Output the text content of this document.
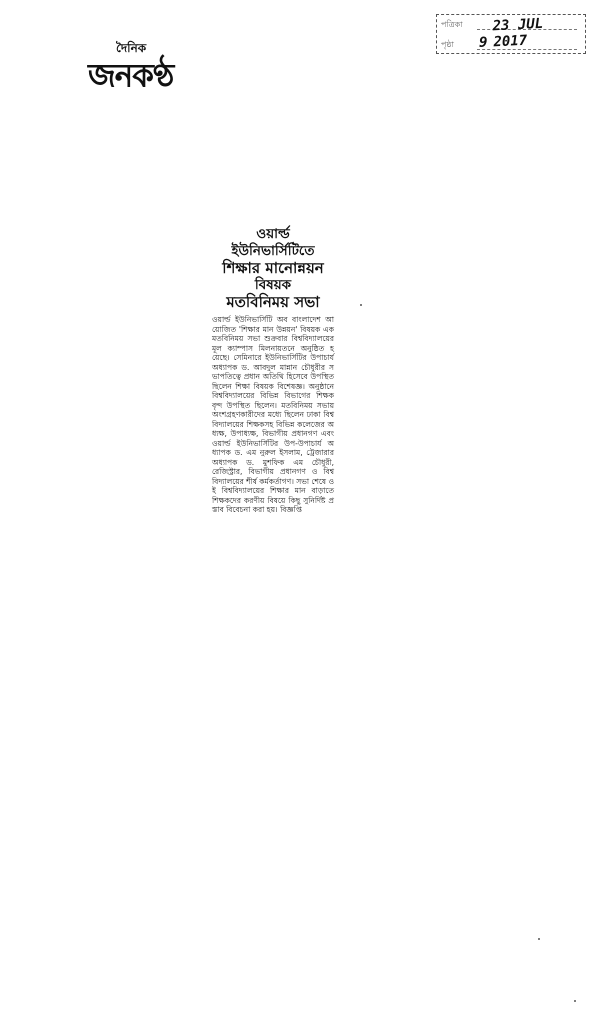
দৈনিক
জনকণ্ঠ
পত্রিকা 23 JUL 2017
পৃষ্ঠা 9
ওয়ার্ল্ড
ইউনিভার্সিটিতে
শিক্ষার মানোন্নয়ন
বিষয়ক
মতবিনিময় সভা

ওয়ার্ল্ড ইউনিভার্সিটি অব বাংলাদেশ আয়োজিত 'শিক্ষার মান উন্নয়ন' বিষয়ক এক মতবিনিময় সভা শুক্রবার বিশ্ববিদ্যালয়ের মূল ক্যাম্পাস মিলনায়তনে অনুষ্ঠিত হয়েছে। সেমিনারে ইউনিভার্সিটির উপাচার্য অধ্যাপক ড. আবদুল মান্নান চৌধুরীর সভাপতিত্বে প্রধান অতিথি হিসেবে উপস্থিত ছিলেন শিক্ষা বিষয়ক বিশেষজ্ঞ। অনুষ্ঠানে বিশ্ববিদ্যালয়ের বিভিন্ন বিভাগের শিক্ষকবৃন্দ উপস্থিত ছিলেন। মতবিনিময় সভায় অংশগ্রহণকারীদের মধ্যে ছিলেন ঢাকা বিশ্ববিদ্যালয়ের শিক্ষকসহ বিভিন্ন কলেজের অধ্যক্ষ, উপাধ্যক্ষ, বিভাগীয় প্রধানগণ এবং ওয়ার্ল্ড ইউনিভার্সিটির উপ-উপাচার্য অধ্যাপক ড. এম নুরুল ইসলাম, ট্রেজারার অধ্যাপক ড. মুশফিক এম চৌধুরী, রেজিস্ট্রার, বিভাগীয় প্রধানগণ ও বিশ্ববিদ্যালয়ের শীর্ষ কর্মকর্তাগণ। সভা শেষে ওই বিশ্ববিদ্যালয়ের শিক্ষার মান বাড়াতে শিক্ষকদের করণীয় বিষয়ে কিছু সুনির্দিষ্ট প্রস্তাব বিবেচনা করা হয়। বিজ্ঞপ্তি
